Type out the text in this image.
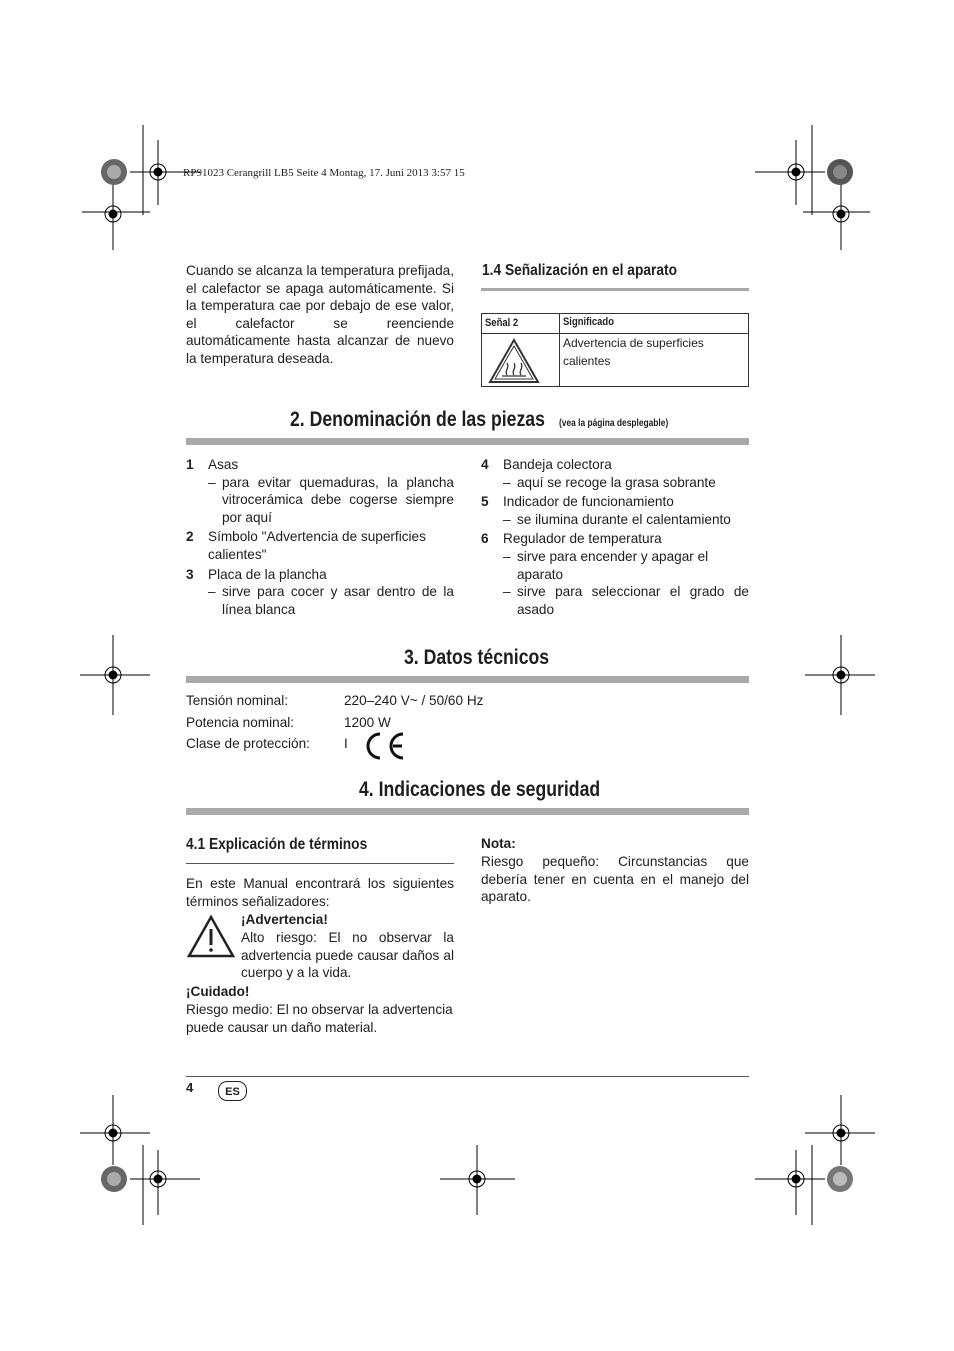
RP91023 Cerangrill LB5 Seite 4 Montag, 17. Juni 2013 3:57 15
Cuando se alcanza la temperatura prefijada, el calefactor se apaga automáticamente. Si la temperatura cae por debajo de ese valor, el calefactor se reenciende automáticamente hasta alcanzar de nuevo la temperatura deseada.
1.4 Señalización en el aparato
Señal 2	Significado
Advertencia de superficies calientes
2. Denominación de las piezas (vea la página desplegable)
1 Asas
– para evitar quemaduras, la plancha vitrocerámica debe cogerse siempre por aquí
2	Símbolo "Advertencia de superficies calientes"
3 Placa de la plancha
– sirve para cocer y asar dentro de la línea blanca
4 Bandeja colectora
– aquí se recoge la grasa sobrante
5 Indicador de funcionamiento
– se ilumina durante el calentamiento
6 Regulador de temperatura
– sirve para encender y apagar el aparato
– sirve para seleccionar el grado de asado
3. Datos técnicos
Tensión nominal:	220–240 V~ / 50/60 Hz
Potencia nominal:	1200 W
Clase de protección:	I
4. Indicaciones de seguridad
4.1 Explicación de términos
En este Manual encontrará los siguientes términos señalizadores:
¡Advertencia!
Alto riesgo: El no observar la advertencia puede causar daños al cuerpo y a la vida.
¡Cuidado!
Riesgo medio: El no observar la advertencia puede causar un daño material.
Nota:
Riesgo pequeño: Circunstancias que debería tener en cuenta en el manejo del aparato.
4	ES
